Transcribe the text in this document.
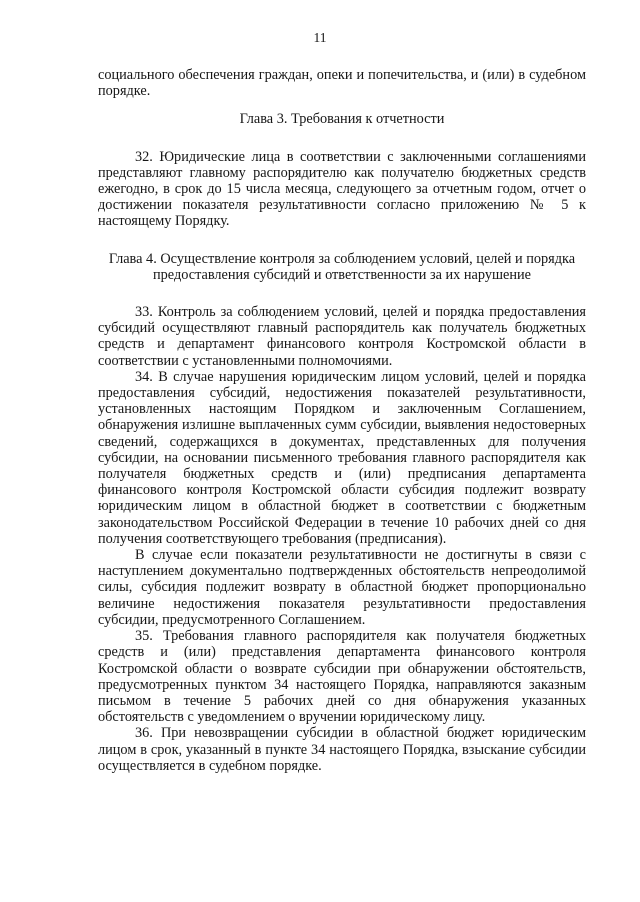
11

социального обеспечения граждан, опеки и попечительства, и (или) в судебном порядке.

Глава 3. Требования к отчетности

32. Юридические лица в соответствии с заключенными соглашениями представляют главному распорядителю как получателю бюджетных средств ежегодно, в срок до 15 числа месяца, следующего за отчетным годом, отчет о достижении показателя результативности согласно приложению № 5 к настоящему Порядку.

Глава 4. Осуществление контроля за соблюдением условий, целей и порядка предоставления субсидий и ответственности за их нарушение

33. Контроль за соблюдением условий, целей и порядка предоставления субсидий осуществляют главный распорядитель как получатель бюджетных средств и департамент финансового контроля Костромской области в соответствии с установленными полномочиями.

34. В случае нарушения юридическим лицом условий, целей и порядка предоставления субсидий, недостижения показателей результативности, установленных настоящим Порядком и заключенным Соглашением, обнаружения излишне выплаченных сумм субсидии, выявления недостоверных сведений, содержащихся в документах, представленных для получения субсидии, на основании письменного требования главного распорядителя как получателя бюджетных средств и (или) предписания департамента финансового контроля Костромской области субсидия подлежит возврату юридическим лицом в областной бюджет в соответствии с бюджетным законодательством Российской Федерации в течение 10 рабочих дней со дня получения соответствующего требования (предписания).

В случае если показатели результативности не достигнуты в связи с наступлением документально подтвержденных обстоятельств непреодолимой силы, субсидия подлежит возврату в областной бюджет пропорционально величине недостижения показателя результативности предоставления субсидии, предусмотренного Соглашением.

35. Требования главного распорядителя как получателя бюджетных средств и (или) представления департамента финансового контроля Костромской области о возврате субсидии при обнаружении обстоятельств, предусмотренных пунктом 34 настоящего Порядка, направляются заказным письмом в течение 5 рабочих дней со дня обнаружения указанных обстоятельств с уведомлением о вручении юридическому лицу.

36. При невозвращении субсидии в областной бюджет юридическим лицом в срок, указанный в пункте 34 настоящего Порядка, взыскание субсидии осуществляется в судебном порядке.
